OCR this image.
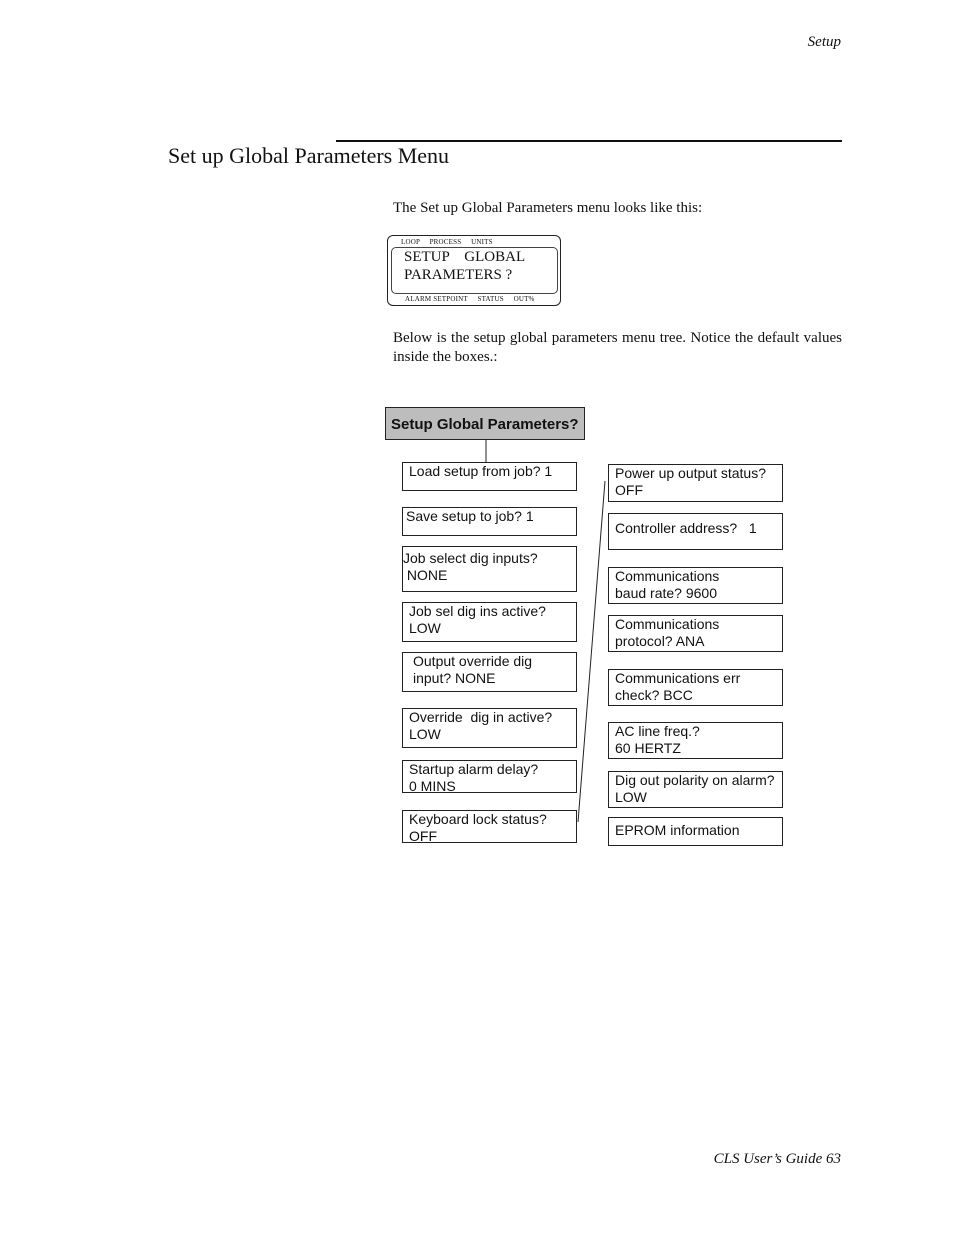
Setup
Set up Global Parameters Menu
The Set up Global Parameters menu looks like this:
LOOP     PROCESS     UNITS
SETUP    GLOBAL
PARAMETERS ?
ALARM SETPOINT     STATUS     OUT%
Below is the setup global parameters menu tree. Notice the default values inside the boxes.:
Setup Global Parameters?
Load setup from job? 1
Save setup to job? 1
Job select dig inputs?
NONE
Job sel dig ins active?
LOW
Output override dig
input? NONE
Override  dig in active?
LOW
Startup alarm delay?
0 MINS
Keyboard lock status?
OFF
Power up output status?
OFF
Controller address?   1
Communications
baud rate? 9600
Communications
protocol? ANA
Communications err
check? BCC
AC line freq.?
60 HERTZ
Dig out polarity on alarm?
LOW
EPROM information
CLS User’s Guide 63
